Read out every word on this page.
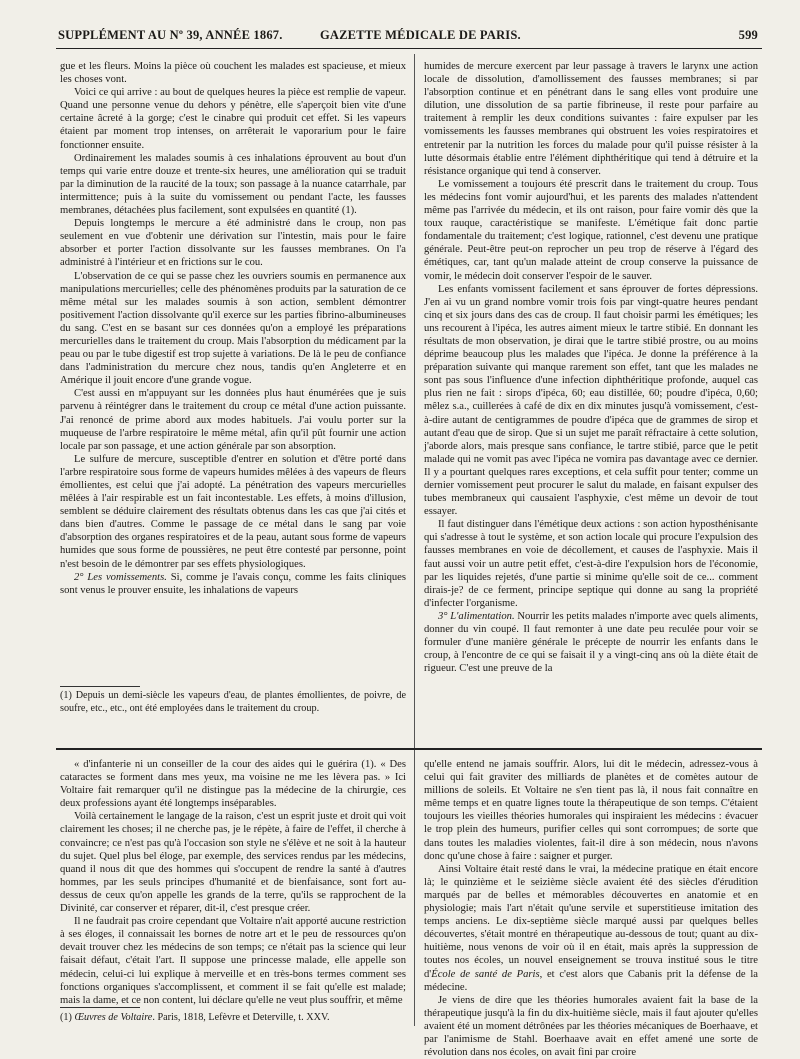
SUPPLÉMENT AU Nº 39, ANNÉE 1867.	GAZETTE MÉDICALE DE PARIS.	599

gue et les fleurs. Moins la pièce où couchent les malades est spacieuse, et mieux les choses vont.

Voici ce qui arrive : au bout de quelques heures la pièce est remplie de vapeur. Quand une personne venue du dehors y pénètre, elle s'aperçoit bien vite d'une certaine âcreté à la gorge; c'est le cinabre qui produit cet effet. Si les vapeurs étaient par moment trop intenses, on arrêterait le vaporarium pour le faire fonctionner ensuite.

Ordinairement les malades soumis à ces inhalations éprouvent au bout d'un temps qui varie entre douze et trente-six heures, une amélioration qui se traduit par la diminution de la raucité de la toux; son passage à la nuance catarrhale, par intermittence; puis à la suite du vomissement ou pendant l'acte, les fausses membranes, détachées plus facilement, sont expulsées en quantité (1).

Depuis longtemps le mercure a été administré dans le croup, non pas seulement en vue d'obtenir une dérivation sur l'intestin, mais pour le faire absorber et porter l'action dissolvante sur les fausses membranes. On l'a administré à l'intérieur et en frictions sur le cou.

L'observation de ce qui se passe chez les ouvriers soumis en permanence aux manipulations mercurielles; celle des phénomènes produits par la saturation de ce même métal sur les malades soumis à son action, semblent démontrer positivement l'action dissolvante qu'il exerce sur les parties fibrino-albumineuses du sang. C'est en se basant sur ces données qu'on a employé les préparations mercurielles dans le traitement du croup. Mais l'absorption du médicament par la peau ou par le tube digestif est trop sujette à variations. De là le peu de confiance dans l'administration du mercure chez nous, tandis qu'en Angleterre et en Amérique il jouit encore d'une grande vogue.

C'est aussi en m'appuyant sur les données plus haut énumérées que je suis parvenu à réintégrer dans le traitement du croup ce métal d'une action puissante. J'ai renoncé de prime abord aux modes habituels. J'ai voulu porter sur la muqueuse de l'arbre respiratoire le même métal, afin qu'il pût fournir une action locale par son passage, et une action générale par son absorption.

Le sulfure de mercure, susceptible d'entrer en solution et d'être porté dans l'arbre respiratoire sous forme de vapeurs humides mêlées à des vapeurs de fleurs émollientes, est celui que j'ai adopté. La pénétration des vapeurs mercurielles mêlées à l'air respirable est un fait incontestable. Les effets, à moins d'illusion, semblent se déduire clairement des résultats obtenus dans les cas que j'ai cités et dans bien d'autres. Comme le passage de ce métal dans le sang par voie d'absorption des organes respiratoires et de la peau, autant sous forme de vapeurs humides que sous forme de poussières, ne peut être contesté par personne, point n'est besoin de le démontrer par ses effets physiologiques.

2° Les vomissements. Si, comme je l'avais conçu, comme les faits cliniques sont venus le prouver ensuite, les inhalations de vapeurs

(1) Depuis un demi-siècle les vapeurs d'eau, de plantes émollientes, de poivre, de soufre, etc., etc., ont été employées dans le traitement du croup.

humides de mercure exercent par leur passage à travers le larynx une action locale de dissolution, d'amollissement des fausses membranes; si par l'absorption continue et en pénétrant dans le sang elles vont produire une dilution, une dissolution de sa partie fibrineuse, il reste pour parfaire au traitement à remplir les deux conditions suivantes : faire expulser par les vomissements les fausses membranes qui obstruent les voies respiratoires et entretenir par la nutrition les forces du malade pour qu'il puisse résister à la lutte désormais établie entre l'élément diphthéritique qui tend à détruire et la résistance organique qui tend à conserver.

Le vomissement a toujours été prescrit dans le traitement du croup. Tous les médecins font vomir aujourd'hui, et les parents des malades n'attendent même pas l'arrivée du médecin, et ils ont raison, pour faire vomir dès que la toux rauque, caractéristique se manifeste. L'émétique fait donc partie fondamentale du traitement; c'est logique, rationnel, c'est devenu une pratique générale. Peut-être peut-on reprocher un peu trop de réserve à l'égard des émétiques, car, tant qu'un malade atteint de croup conserve la puissance de vomir, le médecin doit conserver l'espoir de le sauver.

Les enfants vomissent facilement et sans éprouver de fortes dépressions. J'en ai vu un grand nombre vomir trois fois par vingt-quatre heures pendant cinq et six jours dans des cas de croup. Il faut choisir parmi les émétiques; les uns recourent à l'ipéca, les autres aiment mieux le tartre stibié. En donnant les résultats de mon observation, je dirai que le tartre stibié prostre, ou au moins déprime beaucoup plus les malades que l'ipéca. Je donne la préférence à la préparation suivante qui manque rarement son effet, tant que les malades ne sont pas sous l'influence d'une infection diphthéritique profonde, auquel cas plus rien ne fait : sirops d'ipéca, 60; eau distillée, 60; poudre d'ipéca, 0,60; mêlez s.a., cuillerées à café de dix en dix minutes jusqu'à vomissement, c'est-à-dire autant de centigrammes de poudre d'ipéca que de grammes de sirop et autant d'eau que de sirop. Que si un sujet me paraît réfractaire à cette solution, j'aborde alors, mais presque sans confiance, le tartre stibié, parce que le petit malade qui ne vomit pas avec l'ipéca ne vomira pas davantage avec ce dernier. Il y a pourtant quelques rares exceptions, et cela suffit pour tenter; comme un dernier vomissement peut procurer le salut du malade, en faisant expulser des tubes membraneux qui causaient l'asphyxie, c'est même un devoir de tout essayer.

Il faut distinguer dans l'émétique deux actions : son action hyposthénisante qui s'adresse à tout le système, et son action locale qui procure l'expulsion des fausses membranes en voie de décollement, et causes de l'asphyxie. Mais il faut aussi voir un autre petit effet, c'est-à-dire l'expulsion hors de l'économie, par les liquides rejetés, d'une partie si minime qu'elle soit de ce... comment dirais-je? de ce ferment, principe septique qui donne au sang la propriété d'infecter l'organisme.

3° L'alimentation. Nourrir les petits malades n'importe avec quels aliments, donner du vin coupé. Il faut remonter à une date peu reculée pour voir se formuler d'une manière générale le précepte de nourrir les enfants dans le croup, à l'encontre de ce qui se faisait il y a vingt-cinq ans où la diète était de rigueur. C'est une preuve de la

« d'infanterie ni un conseiller de la cour des aides qui le guérira (1). « Des cataractes se forment dans mes yeux, ma voisine ne me les lèvera pas. » Ici Voltaire fait remarquer qu'il ne distingue pas la médecine de la chirurgie, ces deux professions ayant été longtemps inséparables.

Voilà certainement le langage de la raison, c'est un esprit juste et droit qui voit clairement les choses; il ne cherche pas, je le répète, à faire de l'effet, il cherche à convaincre; ce n'est pas qu'à l'occasion son style ne s'élève et ne soit à la hauteur du sujet. Quel plus bel éloge, par exemple, des services rendus par les médecins, quand il nous dit que des hommes qui s'occupent de rendre la santé à d'autres hommes, par les seuls principes d'humanité et de bienfaisance, sont fort au-dessus de ceux qu'on appelle les grands de la terre, qu'ils se rapprochent de la Divinité, car conserver et réparer, dit-il, c'est presque créer.

Il ne faudrait pas croire cependant que Voltaire n'ait apporté aucune restriction à ses éloges, il connaissait les bornes de notre art et le peu de ressources qu'on devait trouver chez les médecins de son temps; ce n'était pas la science qui leur faisait défaut, c'était l'art. Il suppose une princesse malade, elle appelle son médecin, celui-ci lui explique à merveille et en très-bons termes comment ses fonctions organiques s'accomplissent, et comment il se fait qu'elle est malade; mais la dame, et ce non content, lui déclare qu'elle ne veut plus souffrir, et même

(1) Œuvres de Voltaire. Paris, 1818, Lefèvre et Deterville, t. XXV.

qu'elle entend ne jamais souffrir. Alors, lui dit le médecin, adressez-vous à celui qui fait graviter des milliards de planètes et de comètes autour de millions de soleils. Et Voltaire ne s'en tient pas là, il nous fait connaître en même temps et en quatre lignes toute la thérapeutique de son temps. C'étaient toujours les vieilles théories humorales qui inspiraient les médecins : évacuer le trop plein des humeurs, purifier celles qui sont corrompues; de sorte que dans toutes les maladies violentes, fait-il dire à son médecin, nous n'avons donc qu'une chose à faire : saigner et purger.

Ainsi Voltaire était resté dans le vrai, la médecine pratique en était encore là; le quinzième et le seizième siècle avaient été des siècles d'érudition marqués par de belles et mémorables découvertes en anatomie et en physiologie; mais l'art n'était qu'une servile et superstitieuse imitation des temps anciens. Le dix-septième siècle marqué aussi par quelques belles découvertes, s'était montré en thérapeutique au-dessous de tout; quant au dix-huitième, nous venons de voir où il en était, mais après la suppression de toutes nos écoles, un nouvel enseignement se trouva institué sous le titre d'École de santé de Paris, et c'est alors que Cabanis prit la défense de la médecine.

Je viens de dire que les théories humorales avaient fait la base de la thérapeutique jusqu'à la fin du dix-huitième siècle, mais il faut ajouter qu'elles avaient été un moment détrônées par les théories mécaniques de Boerhaave, et par l'animisme de Stahl. Boerhaave avait en effet amené une sorte de révolution dans nos écoles, on avait fini par croire
